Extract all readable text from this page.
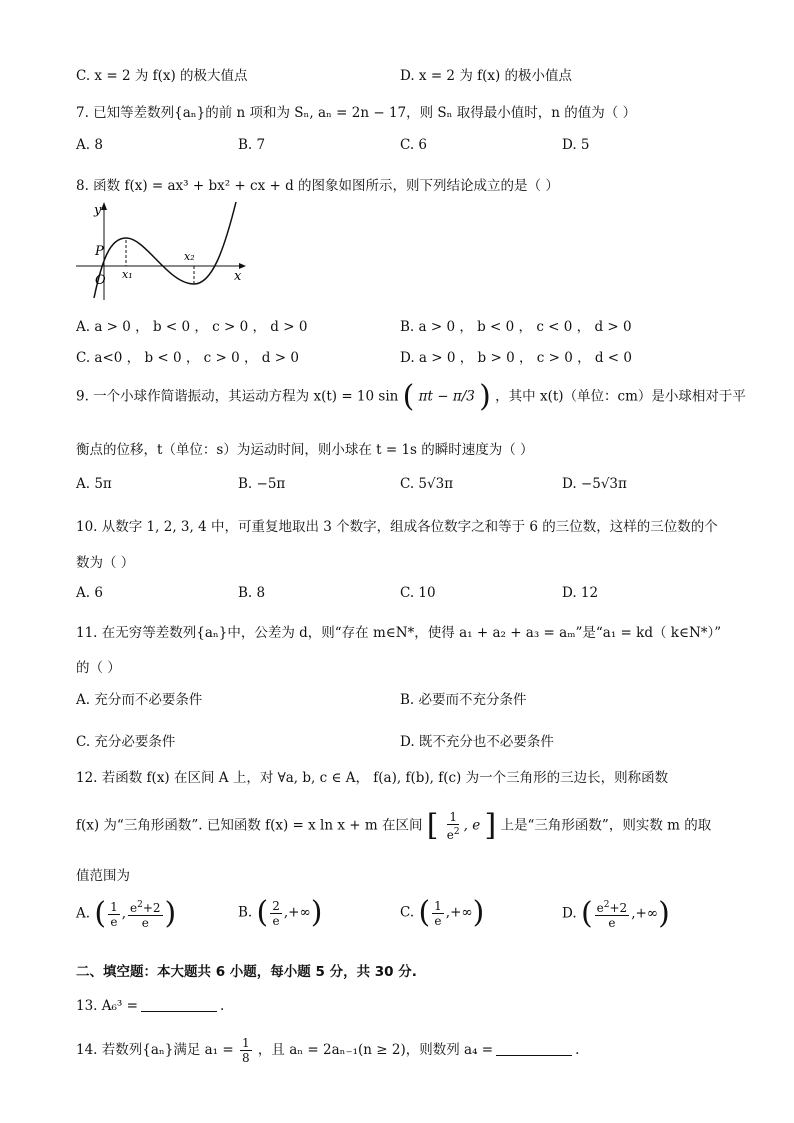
C. x = 2 为 f(x) 的极大值点	D. x = 2 为 f(x) 的极小值点
7. 已知等差数列{aₙ}的前 n 项和为 Sₙ, aₙ = 2n − 17，则 Sₙ 取得最小值时，n 的值为（ ）
A. 8	B. 7	C. 6	D. 5
8. 函数 f(x) = ax³ + bx² + cx + d 的图象如图所示，则下列结论成立的是（ ）
y
x
P
O x₁
x₂
A. a > 0 ， b < 0 ， c > 0 ， d > 0	B. a > 0 ， b < 0 ， c < 0 ， d > 0
C. a<0 ， b < 0 ， c > 0 ， d > 0	D. a > 0 ， b > 0 ， c > 0 ， d < 0
9. 一个小球作简谐振动，其运动方程为 x(t) = 10 sin ( πt − π/3 ) ，其中 x(t)（单位：cm）是小球相对于平
衡点的位移，t（单位：s）为运动时间，则小球在 t = 1s 的瞬时速度为（ ）
A. 5π	B. −5π	C. 5√3π	D. −5√3π
10. 从数字 1, 2, 3, 4 中，可重复地取出 3 个数字，组成各位数字之和等于 6 的三位数，这样的三位数的个
数为（ ）
A. 6	B. 8	C. 10	D. 12
11. 在无穷等差数列{aₙ}中，公差为 d，则“存在 m∈N*，使得 a₁ + a₂ + a₃ = aₘ”是“a₁ = kd（ k∈N*）”
的（ ）
A. 充分而不必要条件	B. 必要而不充分条件
C. 充分必要条件	D. 既不充分也不必要条件
12. 若函数 f(x) 在区间 A 上，对 ∀a, b, c ∈ A， f(a), f(b), f(c) 为一个三角形的三边长，则称函数
f(x) 为“三角形函数”. 已知函数 f(x) = x ln x + m 在区间 [ $\frac{1}{e^2}$ , e ] 上是“三角形函数”，则实数 m 的取
值范围为
A. ( $\frac{1}{e}$ , $\frac{e^2+2}{e}$ )	B. ( $\frac{2}{e}$ ,+∞)	C. ( $\frac{1}{e}$ ,+∞)	D. ( $\frac{e^2+2}{e}$ ,+∞)
二、填空题：本大题共 6 小题，每小题 5 分，共 30 分.
13. A₆³ =	.
14. 若数列{aₙ}满足 $a_1 = \frac{1}{8}$ ，且 aₙ = 2aₙ₋₁(n ≥ 2)，则数列 a₄ =	.
